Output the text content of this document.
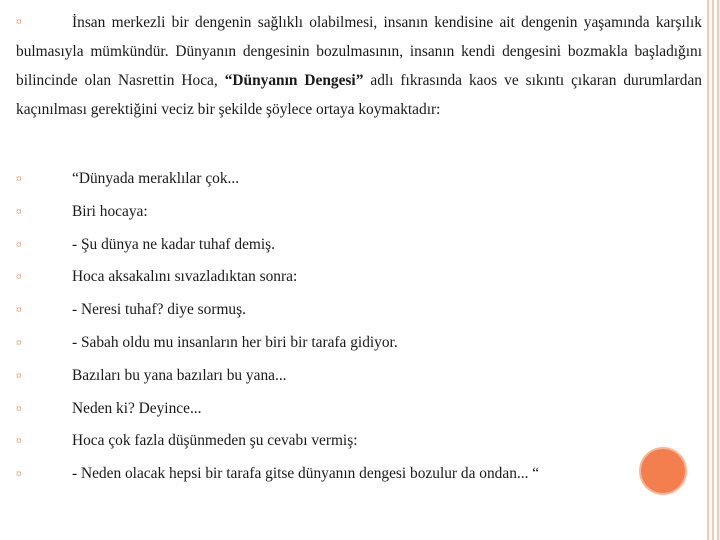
¤	İnsan merkezli bir dengenin sağlıklı olabilmesi, insanın kendisine ait dengenin yaşamında karşılık bulmasıyla mümkündür. Dünyanın dengesinin bozulmasının, insanın kendi dengesini bozmakla başladığını bilincinde olan Nasrettin Hoca, “Dünyanın Dengesi” adlı fıkrasında kaos ve sıkıntı çıkaran durumlardan kaçınılması gerektiğini veciz bir şekilde şöylece ortaya koymaktadır:

¤	“Dünyada meraklılar çok...
¤	Biri hocaya:
¤	- Şu dünya ne kadar tuhaf demiş.
¤	Hoca aksakalını sıvazladıktan sonra:
¤	- Neresi tuhaf? diye sormuş.
¤	- Sabah oldu mu insanların her biri bir tarafa gidiyor.
¤	Bazıları bu yana bazıları bu yana...
¤	Neden ki? Deyince...
¤	Hoca çok fazla düşünmeden şu cevabı vermiş:
¤	- Neden olacak hepsi bir tarafa gitse dünyanın dengesi bozulur da ondan... “
